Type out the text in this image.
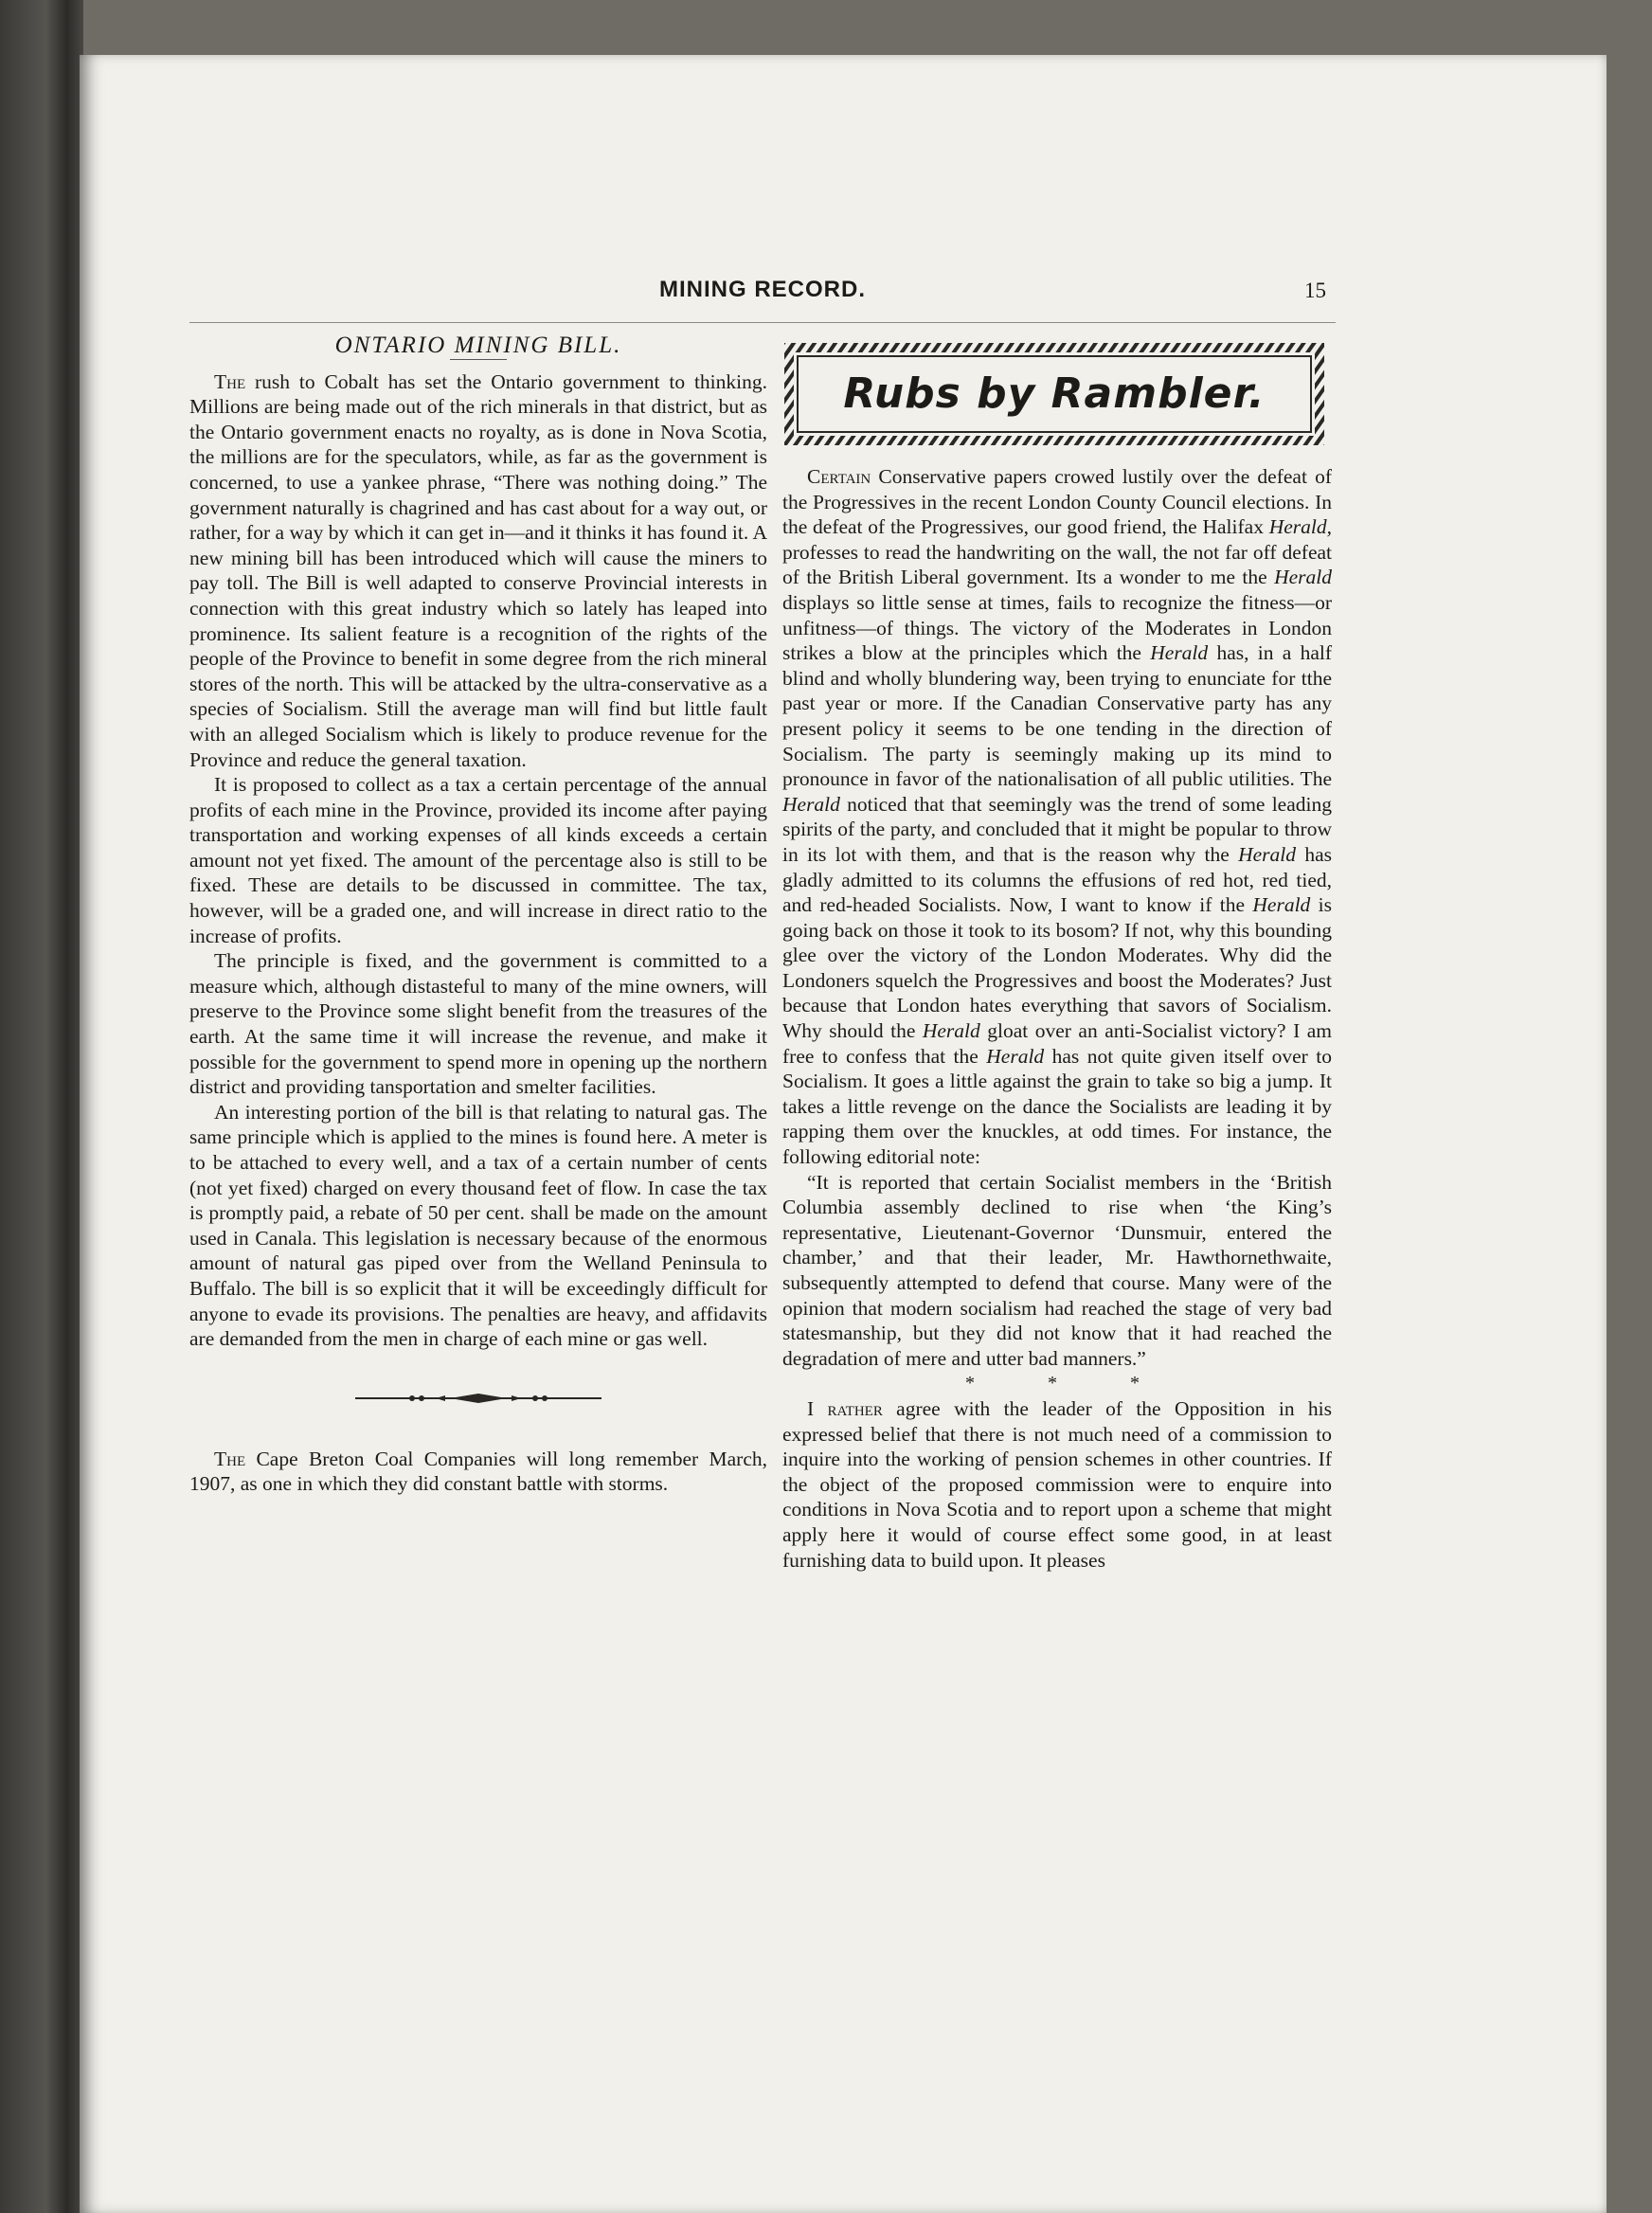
MINING RECORD.	15

ONTARIO MINING BILL.

The rush to Cobalt has set the Ontario government to thinking. Millions are being made out of the rich minerals in that district, but as the Ontario government enacts no royalty, as is done in Nova Scotia, the millions are for the speculators, while, as far as the government is concerned, to use a yankee phrase, “There was nothing doing.” The government naturally is chagrined and has cast about for a way out, or rather, for a way by which it can get in—and it thinks it has found it. A new mining bill has been introduced which will cause the miners to pay toll. The Bill is well adapted to conserve Provincial interests in connection with this great industry which so lately has leaped into prominence. Its salient feature is a recognition of the rights of the people of the Province to benefit in some degree from the rich mineral stores of the north. This will be attacked by the ultra-conservative as a species of Socialism. Still the average man will find but little fault with an alleged Socialism which is likely to produce revenue for the Province and reduce the general taxation.

It is proposed to collect as a tax a certain percentage of the annual profits of each mine in the Province, provided its income after paying transportation and working expenses of all kinds exceeds a certain amount not yet fixed. The amount of the percentage also is still to be fixed. These are details to be discussed in committee. The tax, however, will be a graded one, and will increase in direct ratio to the increase of profits.

The principle is fixed, and the government is committed to a measure which, although distasteful to many of the mine owners, will preserve to the Province some slight benefit from the treasures of the earth. At the same time it will increase the revenue, and make it possible for the government to spend more in opening up the northern district and providing tansportation and smelter facilities.

An interesting portion of the bill is that relating to natural gas. The same principle which is applied to the mines is found here. A meter is to be attached to every well, and a tax of a certain number of cents (not yet fixed) charged on every thousand feet of flow. In case the tax is promptly paid, a rebate of 50 per cent. shall be made on the amount used in Canala. This legislation is necessary because of the enormous amount of natural gas piped over from the Welland Peninsula to Buffalo. The bill is so explicit that it will be exceedingly difficult for anyone to evade its provisions. The penalties are heavy, and affidavits are demanded from the men in charge of each mine or gas well.

The Cape Breton Coal Companies will long remember March, 1907, as one in which they did constant battle with storms.

Rubs by Rambler.

Certain Conservative papers crowed lustily over the defeat of the Progressives in the recent London County Council elections. In the defeat of the Progressives, our good friend, the Halifax Herald, professes to read the handwriting on the wall, the not far off defeat of the British Liberal government. Its a wonder to me the Herald displays so little sense at times, fails to recognize the fitness—or unfitness—of things. The victory of the Moderates in London strikes a blow at the principles which the Herald has, in a half blind and wholly blundering way, been trying to enunciate for tthe past year or more. If the Canadian Conservative party has any present policy it seems to be one tending in the direction of Socialism. The party is seemingly making up its mind to pronounce in favor of the nationalisation of all public utilities. The Herald noticed that that seemingly was the trend of some leading spirits of the party, and concluded that it might be popular to throw in its lot with them, and that is the reason why the Herald has gladly admitted to its columns the effusions of red hot, red tied, and red-headed Socialists. Now, I want to know if the Herald is going back on those it took to its bosom? If not, why this bounding glee over the victory of the London Moderates. Why did the Londoners squelch the Progressives and boost the Moderates? Just because that London hates everything that savors of Socialism. Why should the Herald gloat over an anti-Socialist victory? I am free to confess that the Herald has not quite given itself over to Socialism. It goes a little against the grain to take so big a jump. It takes a little revenge on the dance the Socialists are leading it by rapping them over the knuckles, at odd times. For instance, the following editorial note:

“It is reported that certain Socialist members in the ‘British Columbia assembly declined to rise when ‘the King’s representative, Lieutenant-Governor ‘Dunsmuir, entered the chamber,’ and that their leader, Mr. Hawthornethwaite, subsequently attempted to defend that course. Many were of the opinion that modern socialism had reached the stage of very bad statesmanship, but they did not know that it had reached the degradation of mere and utter bad manners.”

* * *

I rather agree with the leader of the Opposition in his expressed belief that there is not much need of a commission to inquire into the working of pension schemes in other countries. If the object of the proposed commission were to enquire into conditions in Nova Scotia and to report upon a scheme that might apply here it would of course effect some good, in at least furnishing data to build upon. It pleases
